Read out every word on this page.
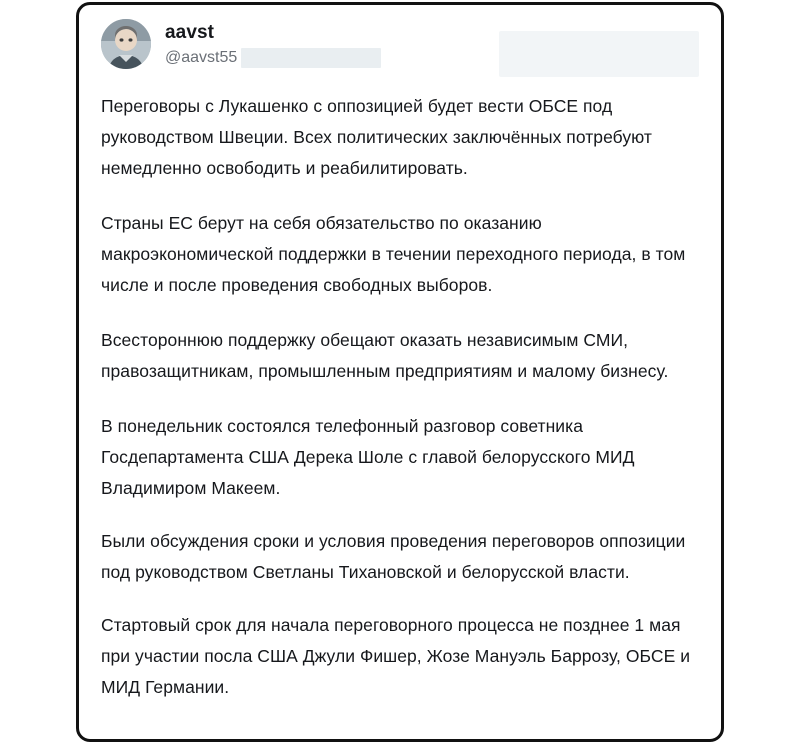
aavst
@aavst55

Переговоры с Лукашенко с оппозицией будет вести ОБСЕ под руководством Швеции. Всех политических заключённых потребуют немедленно освободить и реабилитировать.

Страны ЕС берут на себя обязательство по оказанию макроэкономической поддержки в течении переходного периода, в том числе и после проведения свободных выборов.

Всестороннюю поддержку обещают оказать независимым СМИ, правозащитникам, промышленным предприятиям и малому бизнесу.

В понедельник состоялся телефонный разговор советника Госдепартамента США Дерека Шоле с главой белорусского МИД Владимиром Макеем.

Были обсуждения сроки и условия проведения переговоров оппозиции под руководством Светланы Тихановской и белорусской власти.

Стартовый срок для начала переговорного процесса не позднее 1 мая при участии посла США Джули Фишер, Жозе Мануэль Баррозу, ОБСЕ и МИД Германии.
